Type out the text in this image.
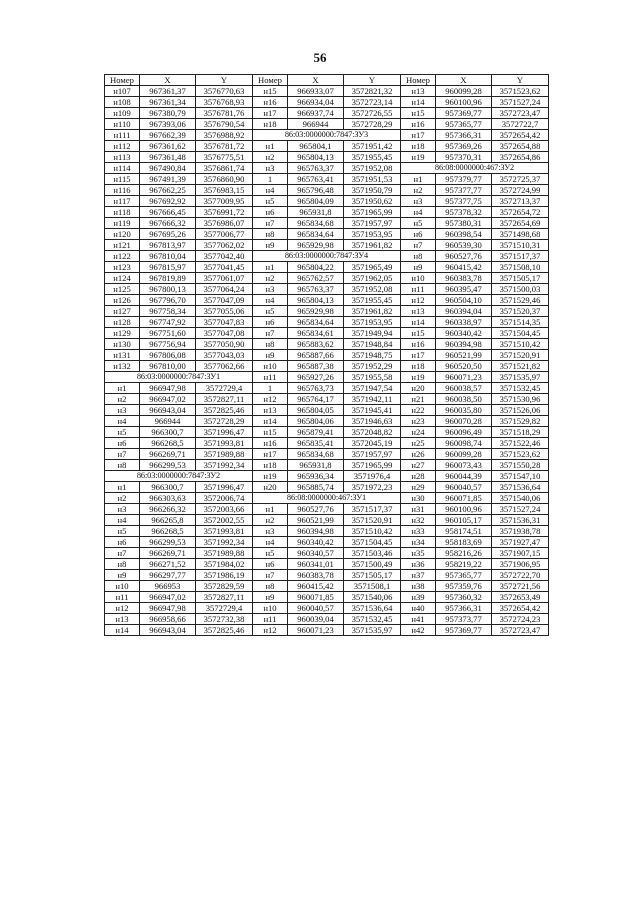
56
Номер	X	Y	Номер	X	Y	Номер	X	Y
н107	967361,37	3576770,63	н15	966933,07	3572821,32	н13	960099,28	3571523,62
н108	967361,34	3576768,93	н16	966934,04	3572723,14	н14	960100,96	3571527,24
н109	967380,79	3576781,76	н17	966937,74	3572726,55	н15	957369,77	3572723,47
н110	967393,06	3576790,54	н18	966944	3572728,29	н16	957365,77	3572722,7
н111	967662,39	3576988,92	86:03:0000000:7847:ЗУ3			н17	957366,31	3572654,42
н112	967361,62	3576781,72	н1	965804,1	3571951,42	н18	957369,26	3572654,88
н113	967361,48	3576775,51	н2	965804,13	3571955,45	н19	957370,31	3572654,86
н114	967490,84	3576861,74	н3	965763,37	3571952,08	86:08:0000000:467:ЗУ2		
н115	967491,39	3576860,90	1	965763,41	3571951,53	н1	957379,77	3572725,37
н116	967662,25	3576983,15	н4	965796,48	3571950,79	н2	957377,77	3572724,99
н117	967692,92	3577009,95	н5	965804,09	3571950,62	н3	957377,75	3572713,37
н118	967666,45	3576991,72	н6	965931,8	3571965,99	н4	957378,32	3572654,72
н119	967666,32	3576986,07	н7	965834,68	3571957,97	н5	957380,31	3572654,69
н120	967695,26	3577006,77	н8	965834,64	3571953,95	н6	960398,54	3571498,68
н121	967813,97	3577062,02	н9	965929,98	3571961,82	н7	960539,30	3571510,31
н122	967810,04	3577042,40	86:03:0000000:7847:ЗУ4			н8	960527,76	3571517,37
н123	967815,97	3577041,45	н1	965804,22	3571965,49	н9	960415,42	3571508,10
н124	967819,89	3577061,07	н2	965762,57	3571962,05	н10	960383,78	3571505,17
н125	967800,13	3577064,24	н3	965763,37	3571952,08	н11	960395,47	3571500,03
н126	967796,70	3577047,09	н4	965804,13	3571955,45	н12	960504,10	3571529,46
н127	967758,34	3577055,06	н5	965929,98	3571961,82	н13	960394,04	3571520,37
н128	967747,92	3577047,83	н6	965834,64	3571953,95	н14	960338,97	3571514,35
н129	967751,60	3577047,08	н7	965834,61	3571949,94	н15	960340,42	3571504,45
н130	967756,94	3577050,90	н8	965883,62	3571948,84	н16	960394,98	3571510,42
н131	967806,08	3577043,03	н9	965887,66	3571948,75	н17	960521,99	3571520,91
н132	967810,00	3577062,66	н10	965887,38	3571952,29	н18	960520,50	3571521,82
86:03:0000000:7847:ЗУ1			н11	965927,26	3571955,58	н19	960071,23	3571535,97
н1	966947,98	3572729,4	1	965763,73	3571947,54	н20	960038,57	3571532,45
н2	966947,02	3572827,11	н12	965764,17	3571942,11	н21	960038,50	3571530,96
н3	966943,04	3572825,46	н13	965804,05	3571945,41	н22	960035,80	3571526,06
н4	966944	3572728,29	н14	965804,06	3571946,63	н23	960070,28	3571529,82
н5	966300,7	3571996,47	н15	965879,41	3572048,82	н24	960096,49	3571518,29
н6	966268,5	3571993,81	н16	965835,41	3572045,19	н25	960098,74	3571522,46
н7	966269,71	3571989,88	н17	965834,68	3571957,97	н26	960099,28	3571523,62
н8	966299,53	3571992,34	н18	965931,8	3571965,99	н27	960073,43	3571550,28
86:03:0000000:7847:ЗУ2			н19	965936,34	3571976,4	н28	960044,39	3571547,10
н1	966300,7	3571996,47	н20	965885,74	3571972,23	н29	960040,57	3571536,64
н2	966303,63	3572006,74	86:08:0000000:467:ЗУ1			н30	960071,85	3571540,06
н3	966266,32	3572003,66	н1	960527,76	3571517,37	н31	960100,96	3571527,24
н4	966265,8	3572002,55	н2	960521,99	3571520,91	н32	960105,17	3571536,31
н5	966268,5	3571993,81	н3	960394,98	3571510,42	н33	958174,51	3571938,78
н6	966299,53	3571992,34	н4	960340,42	3571504,45	н34	958183,69	3571927,47
н7	966269,71	3571989,88	н5	960340,57	3571503,46	н35	958216,26	3571907,15
н8	966271,52	3571984,02	н6	960341,01	3571500,49	н36	958219,22	3571906,95
н9	966297,77	3571986,19	н7	960383,78	3571505,17	н37	957365,77	3572722,70
н10	966953	3572829,59	н8	960415,42	3571508,1	н38	957359,76	3572721,56
н11	966947,02	3572827,11	н9	960071,85	3571540,06	н39	957360,32	3572653,49
н12	966947,98	3572729,4	н10	960040,57	3571536,64	н40	957366,31	3572654,42
н13	966958,66	3572732,38	н11	960039,04	3571532,45	н41	957373,77	3572724,23
н14	966943,04	3572825,46	н12	960071,23	3571535,97	н42	957369,77	3572723,47
